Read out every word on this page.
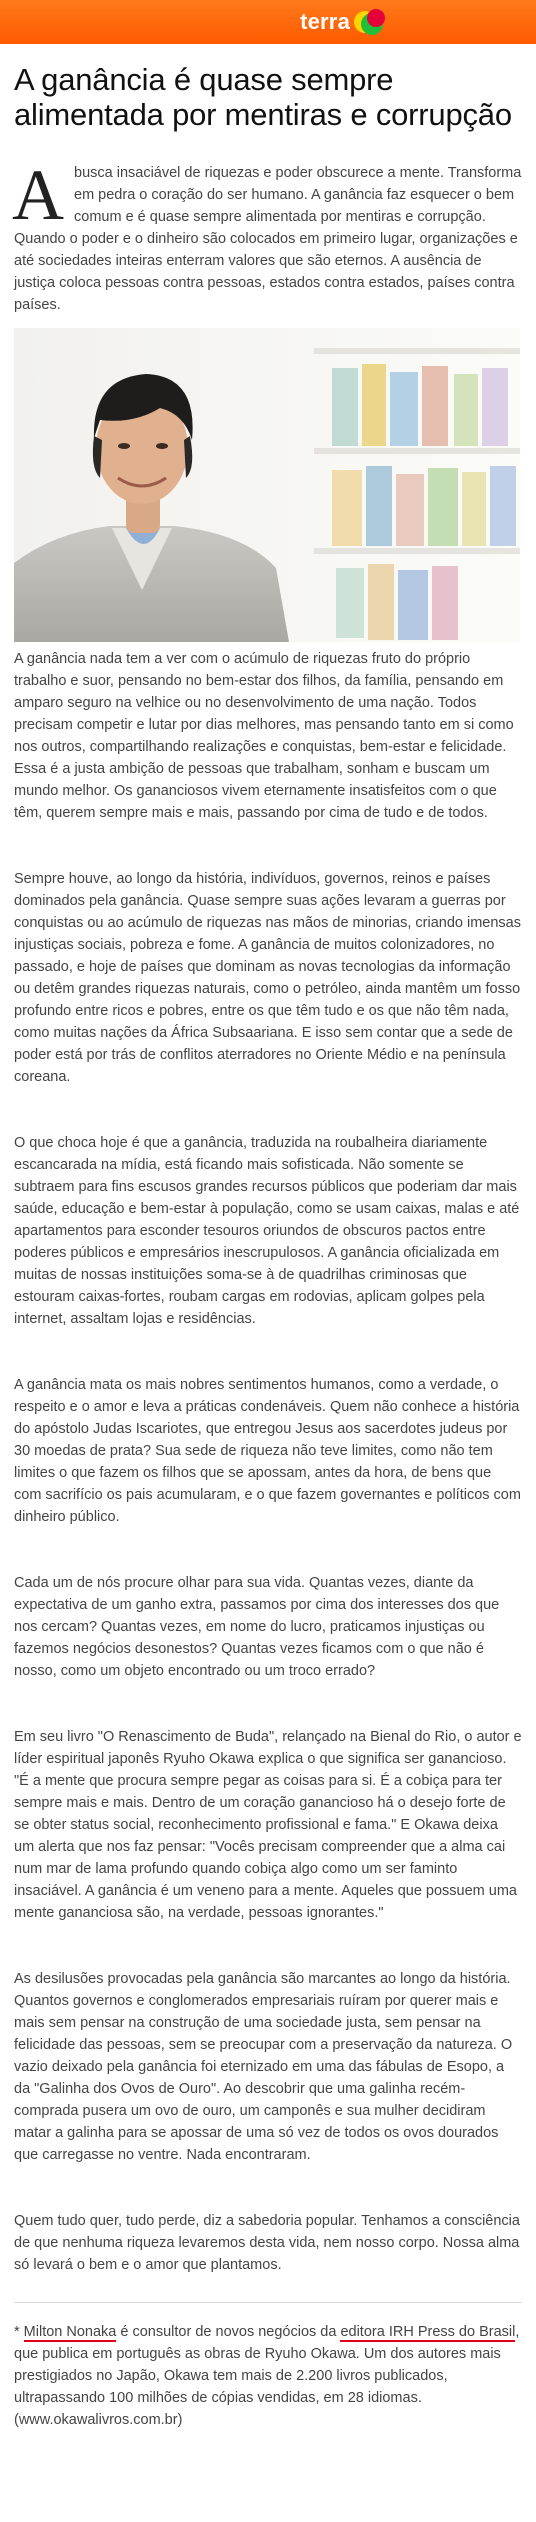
terra
A ganância é quase sempre alimentada por mentiras e corrupção

Abusca insaciável de riquezas e poder obscurece a mente. Transforma em pedra o coração do ser humano. A ganância faz esquecer o bem comum e é quase sempre alimentada por mentiras e corrupção. Quando o poder e o dinheiro são colocados em primeiro lugar, organizações e até sociedades inteiras enterram valores que são eternos. A ausência de justiça coloca pessoas contra pessoas, estados contra estados, países contra países.

A ganância nada tem a ver com o acúmulo de riquezas fruto do próprio trabalho e suor, pensando no bem-estar dos filhos, da família, pensando em amparo seguro na velhice ou no desenvolvimento de uma nação. Todos precisam competir e lutar por dias melhores, mas pensando tanto em si como nos outros, compartilhando realizações e conquistas, bem-estar e felicidade. Essa é a justa ambição de pessoas que trabalham, sonham e buscam um mundo melhor. Os gananciosos vivem eternamente insatisfeitos com o que têm, querem sempre mais e mais, passando por cima de tudo e de todos.

Sempre houve, ao longo da história, indivíduos, governos, reinos e países dominados pela ganância. Quase sempre suas ações levaram a guerras por conquistas ou ao acúmulo de riquezas nas mãos de minorias, criando imensas injustiças sociais, pobreza e fome. A ganância de muitos colonizadores, no passado, e hoje de países que dominam as novas tecnologias da informação ou detêm grandes riquezas naturais, como o petróleo, ainda mantêm um fosso profundo entre ricos e pobres, entre os que têm tudo e os que não têm nada, como muitas nações da África Subsaariana. E isso sem contar que a sede de poder está por trás de conflitos aterradores no Oriente Médio e na península coreana.

O que choca hoje é que a ganância, traduzida na roubalheira diariamente escancarada na mídia, está ficando mais sofisticada. Não somente se subtraem para fins escusos grandes recursos públicos que poderiam dar mais saúde, educação e bem-estar à população, como se usam caixas, malas e até apartamentos para esconder tesouros oriundos de obscuros pactos entre poderes públicos e empresários inescrupulosos. A ganância oficializada em muitas de nossas instituições soma-se à de quadrilhas criminosas que estouram caixas-fortes, roubam cargas em rodovias, aplicam golpes pela internet, assaltam lojas e residências.

A ganância mata os mais nobres sentimentos humanos, como a verdade, o respeito e o amor e leva a práticas condenáveis. Quem não conhece a história do apóstolo Judas Iscariotes, que entregou Jesus aos sacerdotes judeus por 30 moedas de prata? Sua sede de riqueza não teve limites, como não tem limites o que fazem os filhos que se apossam, antes da hora, de bens que com sacrifício os pais acumularam, e o que fazem governantes e políticos com dinheiro público.

Cada um de nós procure olhar para sua vida. Quantas vezes, diante da expectativa de um ganho extra, passamos por cima dos interesses dos que nos cercam? Quantas vezes, em nome do lucro, praticamos injustiças ou fazemos negócios desonestos? Quantas vezes ficamos com o que não é nosso, como um objeto encontrado ou um troco errado?

Em seu livro "O Renascimento de Buda", relançado na Bienal do Rio, o autor e líder espiritual japonês Ryuho Okawa explica o que significa ser ganancioso. "É a mente que procura sempre pegar as coisas para si. É a cobiça para ter sempre mais e mais. Dentro de um coração ganancioso há o desejo forte de se obter status social, reconhecimento profissional e fama." E Okawa deixa um alerta que nos faz pensar: "Vocês precisam compreender que a alma cai num mar de lama profundo quando cobiça algo como um ser faminto insaciável. A ganância é um veneno para a mente. Aqueles que possuem uma mente gananciosa são, na verdade, pessoas ignorantes."

As desilusões provocadas pela ganância são marcantes ao longo da história. Quantos governos e conglomerados empresariais ruíram por querer mais e mais sem pensar na construção de uma sociedade justa, sem pensar na felicidade das pessoas, sem se preocupar com a preservação da natureza. O vazio deixado pela ganância foi eternizado em uma das fábulas de Esopo, a da "Galinha dos Ovos de Ouro". Ao descobrir que uma galinha recém-comprada pusera um ovo de ouro, um camponês e sua mulher decidiram matar a galinha para se apossar de uma só vez de todos os ovos dourados que carregasse no ventre. Nada encontraram.

Quem tudo quer, tudo perde, diz a sabedoria popular. Tenhamos a consciência de que nenhuma riqueza levaremos desta vida, nem nosso corpo. Nossa alma só levará o bem e o amor que plantamos.

* Milton Nonaka é consultor de novos negócios da editora IRH Press do Brasil, que publica em português as obras de Ryuho Okawa. Um dos autores mais prestigiados no Japão, Okawa tem mais de 2.200 livros publicados, ultrapassando 100 milhões de cópias vendidas, em 28 idiomas. (www.okawalivros.com.br)
